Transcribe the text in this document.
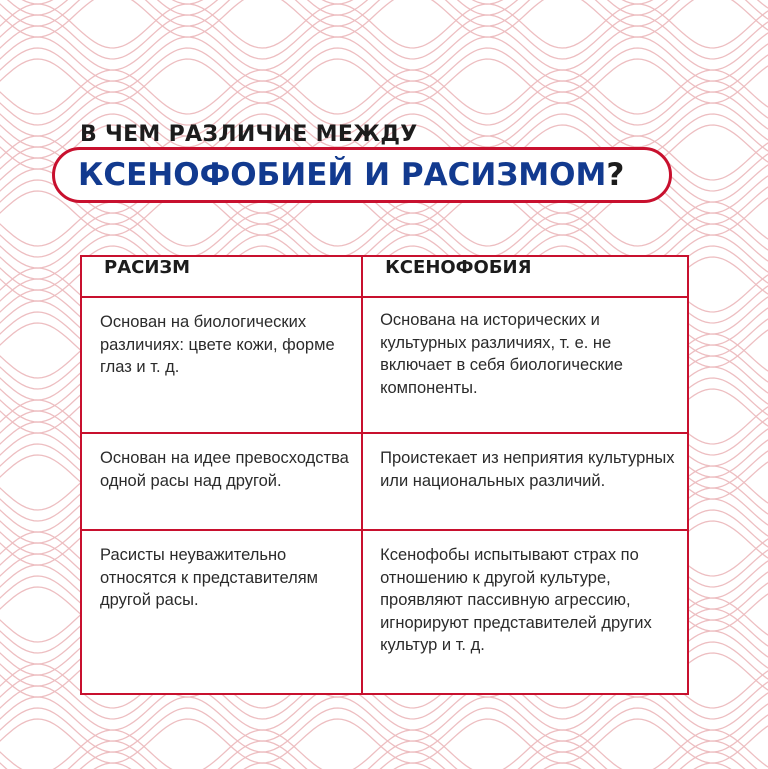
В ЧЕМ РАЗЛИЧИЕ МЕЖДУ
КСЕНОФОБИЕЙ И РАСИЗМОМ?
РАСИЗМ	КСЕНОФОБИЯ
Основан на биологических различиях: цвете кожи, форме глаз и т. д.	Основана на исторических и культурных различиях, т. е. не включает в себя биологические компоненты.
Основан на идее превосходства одной расы над другой.	Проистекает из неприятия культурных или национальных различий.
Расисты неуважительно относятся к представителям другой расы.	Ксенофобы испытывают страх по отношению к другой культуре, проявляют пассивную агрессию, игнорируют представителей других культур и т. д.
